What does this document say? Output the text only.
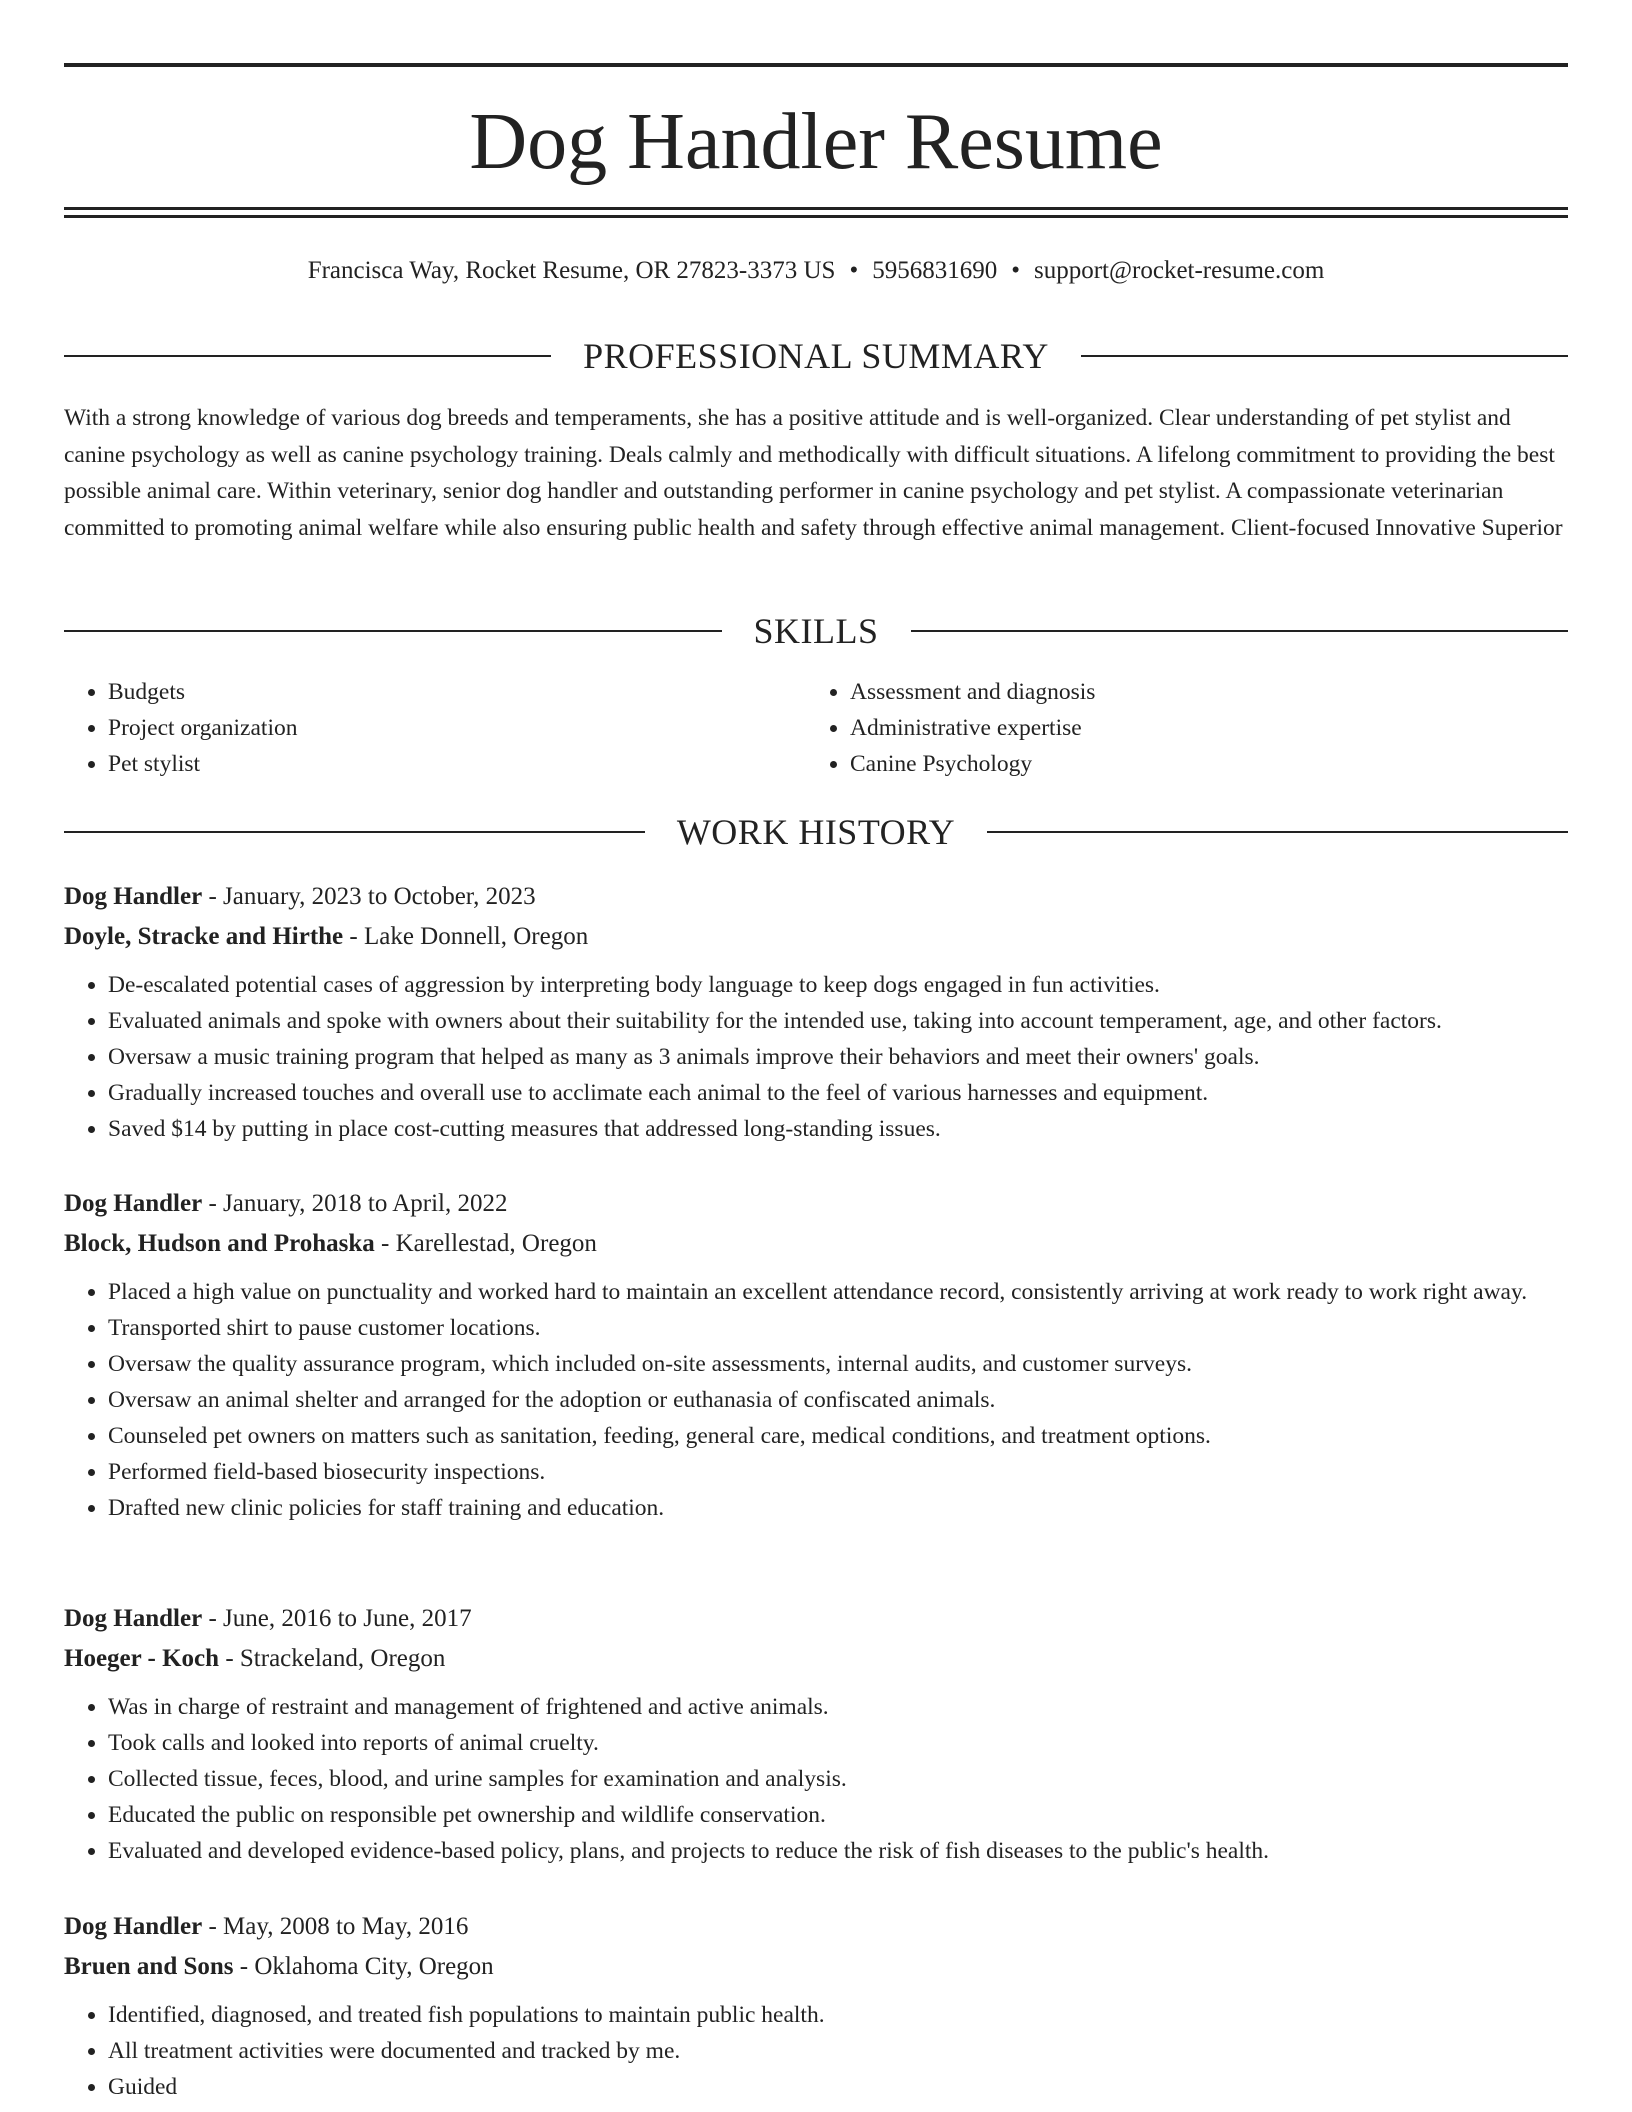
Dog Handler Resume
Francisca Way, Rocket Resume, OR 27823-3373 US • 5956831690 • support@rocket-resume.com
PROFESSIONAL SUMMARY

With a strong knowledge of various dog breeds and temperaments, she has a positive attitude and is well-organized. Clear understanding of pet stylist and canine psychology as well as canine psychology training. Deals calmly and methodically with difficult situations. A lifelong commitment to providing the best possible animal care. Within veterinary, senior dog handler and outstanding performer in canine psychology and pet stylist. A compassionate veterinarian committed to promoting animal welfare while also ensuring public health and safety through effective animal management. Client-focused Innovative Superior

SKILLS
• Budgets
• Project organization
• Pet stylist
• Assessment and diagnosis
• Administrative expertise
• Canine Psychology
WORK HISTORY
Dog Handler - January, 2023 to October, 2023
Doyle, Stracke and Hirthe - Lake Donnell, Oregon
• De-escalated potential cases of aggression by interpreting body language to keep dogs engaged in fun activities.
• Evaluated animals and spoke with owners about their suitability for the intended use, taking into account temperament, age, and other factors.
• Oversaw a music training program that helped as many as 3 animals improve their behaviors and meet their owners' goals.
• Gradually increased touches and overall use to acclimate each animal to the feel of various harnesses and equipment.
• Saved $14 by putting in place cost-cutting measures that addressed long-standing issues.
Dog Handler - January, 2018 to April, 2022
Block, Hudson and Prohaska - Karellestad, Oregon
• Placed a high value on punctuality and worked hard to maintain an excellent attendance record, consistently arriving at work ready to work right away.
• Transported shirt to pause customer locations.
• Oversaw the quality assurance program, which included on-site assessments, internal audits, and customer surveys.
• Oversaw an animal shelter and arranged for the adoption or euthanasia of confiscated animals.
• Counseled pet owners on matters such as sanitation, feeding, general care, medical conditions, and treatment options.
• Performed field-based biosecurity inspections.
• Drafted new clinic policies for staff training and education.
Dog Handler - June, 2016 to June, 2017
Hoeger - Koch - Strackeland, Oregon
• Was in charge of restraint and management of frightened and active animals.
• Took calls and looked into reports of animal cruelty.
• Collected tissue, feces, blood, and urine samples for examination and analysis.
• Educated the public on responsible pet ownership and wildlife conservation.
• Evaluated and developed evidence-based policy, plans, and projects to reduce the risk of fish diseases to the public's health.
Dog Handler - May, 2008 to May, 2016
Bruen and Sons - Oklahoma City, Oregon
• Identified, diagnosed, and treated fish populations to maintain public health.
• All treatment activities were documented and tracked by me.
• Guided
